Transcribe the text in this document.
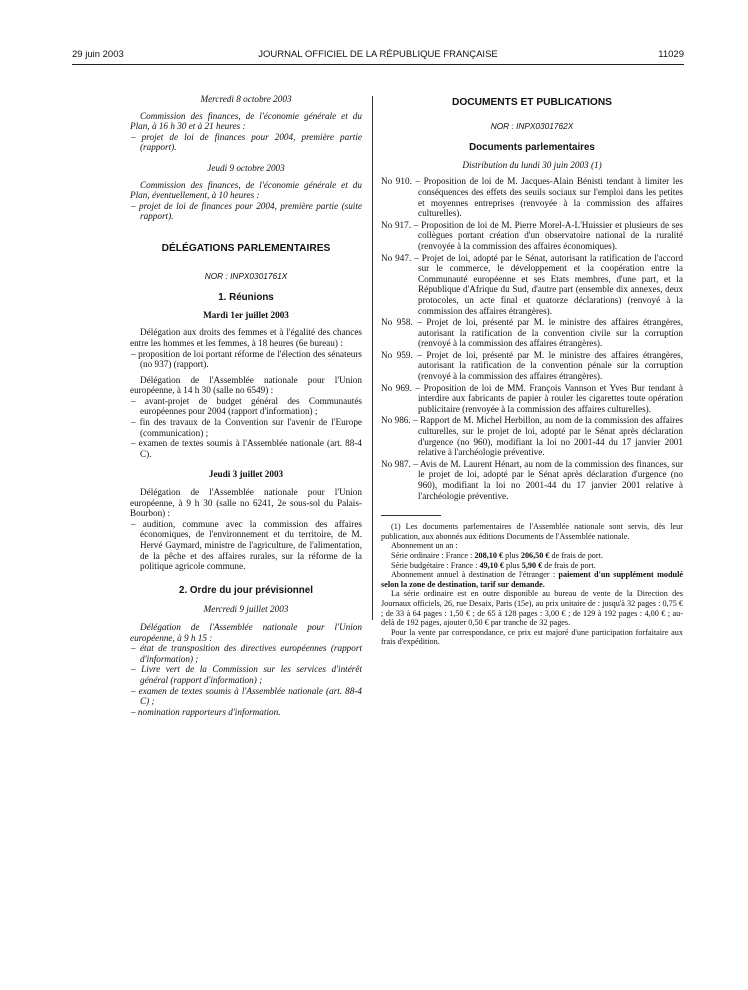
29 juin 2003	JOURNAL OFFICIEL DE LA RÉPUBLIQUE FRANÇAISE	11029

Mercredi 8 octobre 2003

Commission des finances, de l'économie générale et du Plan, à 16 h 30 et à 21 heures :

– projet de loi de finances pour 2004, première partie (rapport).

Jeudi 9 octobre 2003

Commission des finances, de l'économie générale et du Plan, éventuellement, à 10 heures :

– projet de loi de finances pour 2004, première partie (suite rapport).

DÉLÉGATIONS PARLEMENTAIRES

NOR : INPX0301761X

1. Réunions

Mardi 1er juillet 2003

Délégation aux droits des femmes et à l'égalité des chances entre les hommes et les femmes, à 18 heures (6e bureau) :

– proposition de loi portant réforme de l'élection des sénateurs (no 937) (rapport).

Délégation de l'Assemblée nationale pour l'Union européenne, à 14 h 30 (salle no 6549) :

– avant-projet de budget général des Communautés européennes pour 2004 (rapport d'information) ;

– fin des travaux de la Convention sur l'avenir de l'Europe (communication) ;

– examen de textes soumis à l'Assemblée nationale (art. 88-4 C).

Jeudi 3 juillet 2003

Délégation de l'Assemblée nationale pour l'Union européenne, à 9 h 30 (salle no 6241, 2e sous-sol du Palais-Bourbon) :

– audition, commune avec la commission des affaires économiques, de l'environnement et du territoire, de M. Hervé Gaymard, ministre de l'agriculture, de l'alimentation, de la pêche et des affaires rurales, sur la réforme de la politique agricole commune.

2. Ordre du jour prévisionnel

Mercredi 9 juillet 2003

Délégation de l'Assemblée nationale pour l'Union européenne, à 9 h 15 :

– état de transposition des directives européennes (rapport d'information) ;

– Livre vert de la Commission sur les services d'intérêt général (rapport d'information) ;

– examen de textes soumis à l'Assemblée nationale (art. 88-4 C) ;

– nomination rapporteurs d'information.

DOCUMENTS ET PUBLICATIONS

NOR : INPX0301762X

Documents parlementaires

Distribution du lundi 30 juin 2003 (1)

No 910. – Proposition de loi de M. Jacques-Alain Bénisti tendant à limiter les conséquences des effets des seuils sociaux sur l'emploi dans les petites et moyennes entreprises (renvoyée à la commission des affaires culturelles).
No 917. – Proposition de loi de M. Pierre Morel-A-L'Huissier et plusieurs de ses collègues portant création d'un observatoire national de la ruralité (renvoyée à la commission des affaires économiques).
No 947. – Projet de loi, adopté par le Sénat, autorisant la ratification de l'accord sur le commerce, le développement et la coopération entre la Communauté européenne et ses Etats membres, d'une part, et la République d'Afrique du Sud, d'autre part (ensemble dix annexes, deux protocoles, un acte final et quatorze déclarations) (renvoyé à la commission des affaires étrangères).
No 958. – Projet de loi, présenté par M. le ministre des affaires étrangères, autorisant la ratification de la convention civile sur la corruption (renvoyé à la commission des affaires étrangères).
No 959. – Projet de loi, présenté par M. le ministre des affaires étrangères, autorisant la ratification de la convention pénale sur la corruption (renvoyé à la commission des affaires étrangères).
No 969. – Proposition de loi de MM. François Vannson et Yves Bur tendant à interdire aux fabricants de papier à rouler les cigarettes toute opération publicitaire (renvoyée à la commission des affaires culturelles).
No 986. – Rapport de M. Michel Herbillon, au nom de la commission des affaires culturelles, sur le projet de loi, adopté par le Sénat après déclaration d'urgence (no 960), modifiant la loi no 2001-44 du 17 janvier 2001 relative à l'archéologie préventive.
No 987. – Avis de M. Laurent Hénart, au nom de la commission des finances, sur le projet de loi, adopté par le Sénat après déclaration d'urgence (no 960), modifiant la loi no 2001-44 du 17 janvier 2001 relative à l'archéologie préventive.

(1) Les documents parlementaires de l'Assemblée nationale sont servis, dès leur publication, aux abonnés aux éditions Documents de l'Assemblée nationale.

Abonnement un an :

Série ordinaire : France : 208,10 € plus 206,50 € de frais de port.

Série budgétaire : France : 49,10 € plus 5,90 € de frais de port.

Abonnement annuel à destination de l'étranger : paiement d'un supplément modulé selon la zone de destination, tarif sur demande.

La série ordinaire est en outre disponible au bureau de vente de la Direction des Journaux officiels, 26, rue Desaix, Paris (15e), au prix unitaire de : jusqu'à 32 pages : 0,75 € ; de 33 à 64 pages : 1,50 € ; de 65 à 128 pages : 3,00 € ; de 129 à 192 pages : 4,00 € ; au-delà de 192 pages, ajouter 0,50 € par tranche de 32 pages.

Pour la vente par correspondance, ce prix est majoré d'une participation forfaitaire aux frais d'expédition.
